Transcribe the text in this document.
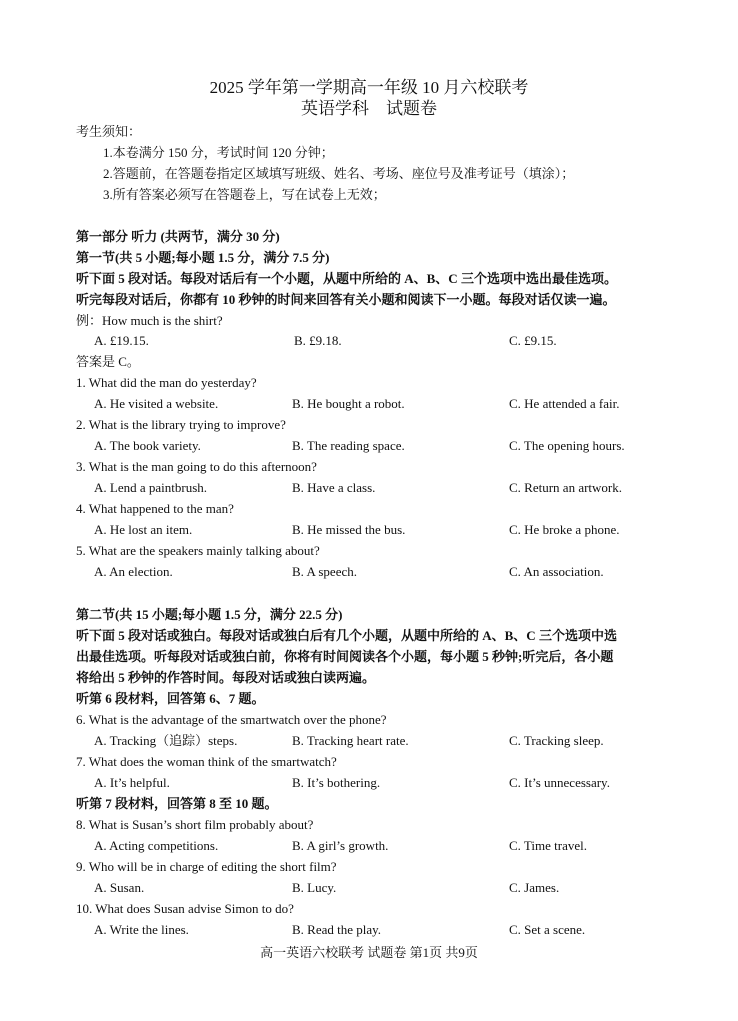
2025 学年第一学期高一年级 10 月六校联考
英语学科　试题卷
考生须知：
1.本卷满分 150 分，考试时间 120 分钟；
2.答题前，在答题卷指定区域填写班级、姓名、考场、座位号及准考证号（填涂）；
3.所有答案必须写在答题卷上，写在试卷上无效；
第一部分 听力 (共两节，满分 30 分)
第一节(共 5 小题;每小题 1.5 分，满分 7.5 分)
听下面 5 段对话。每段对话后有一个小题，从题中所给的 A、B、C 三个选项中选出最佳选项。
听完每段对话后，你都有 10 秒钟的时间来回答有关小题和阅读下一小题。每段对话仅读一遍。
例：How much is the shirt?
A. £19.15.	B. £9.18.	C. £9.15.
答案是 C。
1. What did the man do yesterday?
A. He visited a website.	B. He bought a robot.	C. He attended a fair.
2. What is the library trying to improve?
A. The book variety.	B. The reading space.	C. The opening hours.
3. What is the man going to do this afternoon?
A. Lend a paintbrush.	B. Have a class.	C. Return an artwork.
4. What happened to the man?
A. He lost an item.	B. He missed the bus.	C. He broke a phone.
5. What are the speakers mainly talking about?
A. An election.	B. A speech.	C. An association.
第二节(共 15 小题;每小题 1.5 分，满分 22.5 分)
听下面 5 段对话或独白。每段对话或独白后有几个小题，从题中所给的 A、B、C 三个选项中选
出最佳选项。听每段对话或独白前，你将有时间阅读各个小题，每小题 5 秒钟;听完后，各小题
将给出 5 秒钟的作答时间。每段对话或独白读两遍。
听第 6 段材料，回答第 6、7 题。
6. What is the advantage of the smartwatch over the phone?
A. Tracking（追踪）steps.	B. Tracking heart rate.	C. Tracking sleep.
7. What does the woman think of the smartwatch?
A. It’s helpful.	B. It’s bothering.	C. It’s unnecessary.
听第 7 段材料，回答第 8 至 10 题。
8. What is Susan’s short film probably about?
A. Acting competitions.	B. A girl’s growth.	C. Time travel.
9. Who will be in charge of editing the short film?
A. Susan.	B. Lucy.	C. James.
10. What does Susan advise Simon to do?
A. Write the lines.	B. Read the play.	C. Set a scene.
高一英语六校联考 试题卷 第1页 共9页
